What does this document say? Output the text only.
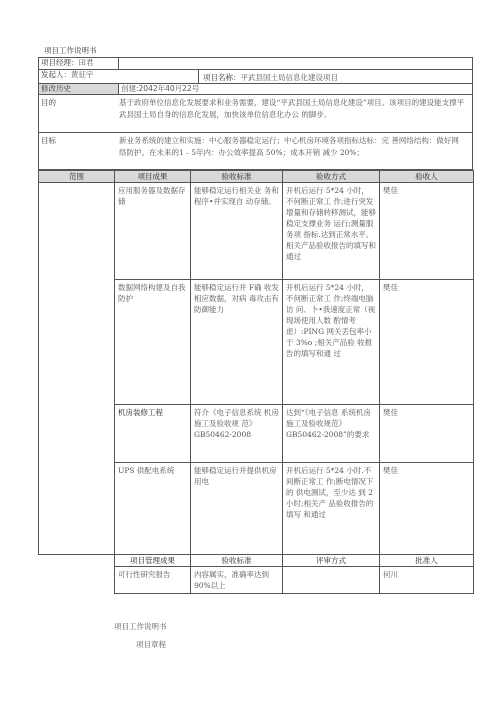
项目工作说明书
项目经理：田君
发起人：黄征宇	项目名称：平武县国土局信息化建设项目
修改历史	创建:2042年40月22号
目的	基于政府单位信息化发展要求和业务需要，建设“平武县国土局信息化建设”项目。该项目的建设能支撑平武县国土局自身的信息化发展，加快该单位信息化办公 的脚步。
目标	新业务系统的建立和实施：中心服务器稳定运行；中心机房环境各项指标达标：完 善网络结构：做好网络防护。在未来的1﹣5年内：办公效率提高 50%；成本开销 减少 20%；
范围	项目成果	验收标准	验收方式	验收人
	应用服务器及数据存储	能够稳定运行相关业 务和程序•并实现自 动存储。	开机后运行 5*24 小时，不何断正常工 作;进行突发增量和存储转移测试，能够稳定支撑业务 运行;测量服务项 指标.达到正常水平。相关产品验收报告的填写和通过	樊佳
	数据网络构建及自我防护	能够稳定运行并 F确 收发相应数据，对病 毒攻击有防御能力	开机后运行 5*24 小时，不何断正常工 作;终端电脑访 问、卜•我速度正常（视现场使用人数 酌情考虑）:PING 网关丢包率小于 3%o ;相关产品验 收报告的填写和通 过	樊佳
	机房装修工程	符介《电子信息系统 机房施工及验收规 范》GB50462-2008	达到“《电子信息 系统机房施工及验收规范》GB50462-2008”的要求	樊佳
	UPS 供配电系统	能够稳定运行并提供机房用电	开机后运行 5*24 小时.不间断正常工 作;断电情况下的 供电测试，至少达 到 2 小时;相关产 品验收报告的填写 和通过	樊佳
	项目管理成果	验收标准	评审方式	批准人
	可行性研究报告	内容属实，准确率达到 90%以上		何川
项目工作说明书
项目章程
